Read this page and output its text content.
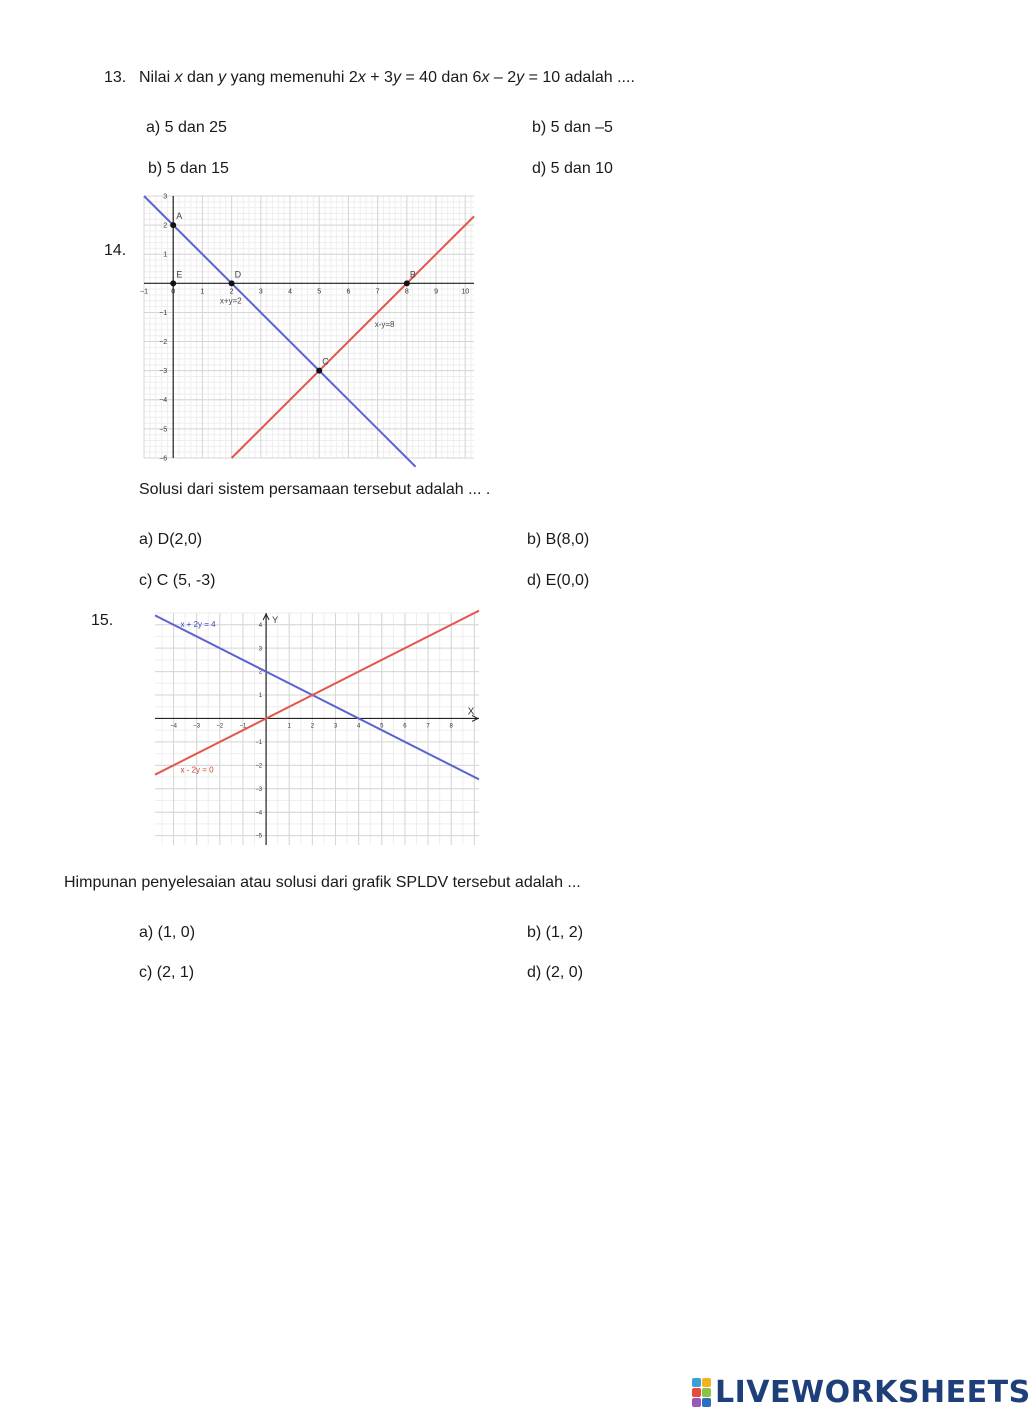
13. Nilai x dan y yang memenuhi 2x + 3y = 40 dan 6x – 2y = 10 adalah ....

a) 5 dan 25	b) 5 dan –5

b) 5 dan 15	d) 5 dan 10

14.

−1	0	1	2	3	4	5	6	7	8	9	10
3
2
1
−1
−2
−3
−4
−5
−6
x+y=2
x-y=8
A
E	D	B
C

Solusi dari sistem persamaan tersebut adalah ... .

a) D(2,0)	b) B(8,0)

c) C (5, -3)	d) E(0,0)

15.

−4	−3	−2	−1	1	2	3	4	5	6	7	8
4
3
2
1
−1
−2
−3
−4
−5
X
Y
x + 2y = 4
x - 2y = 0

Himpunan penyelesaian atau solusi dari grafik SPLDV tersebut adalah ...

a) (1, 0)	b) (1, 2)

c) (2, 1)	d) (2, 0)

LIVEWORKSHEETS
